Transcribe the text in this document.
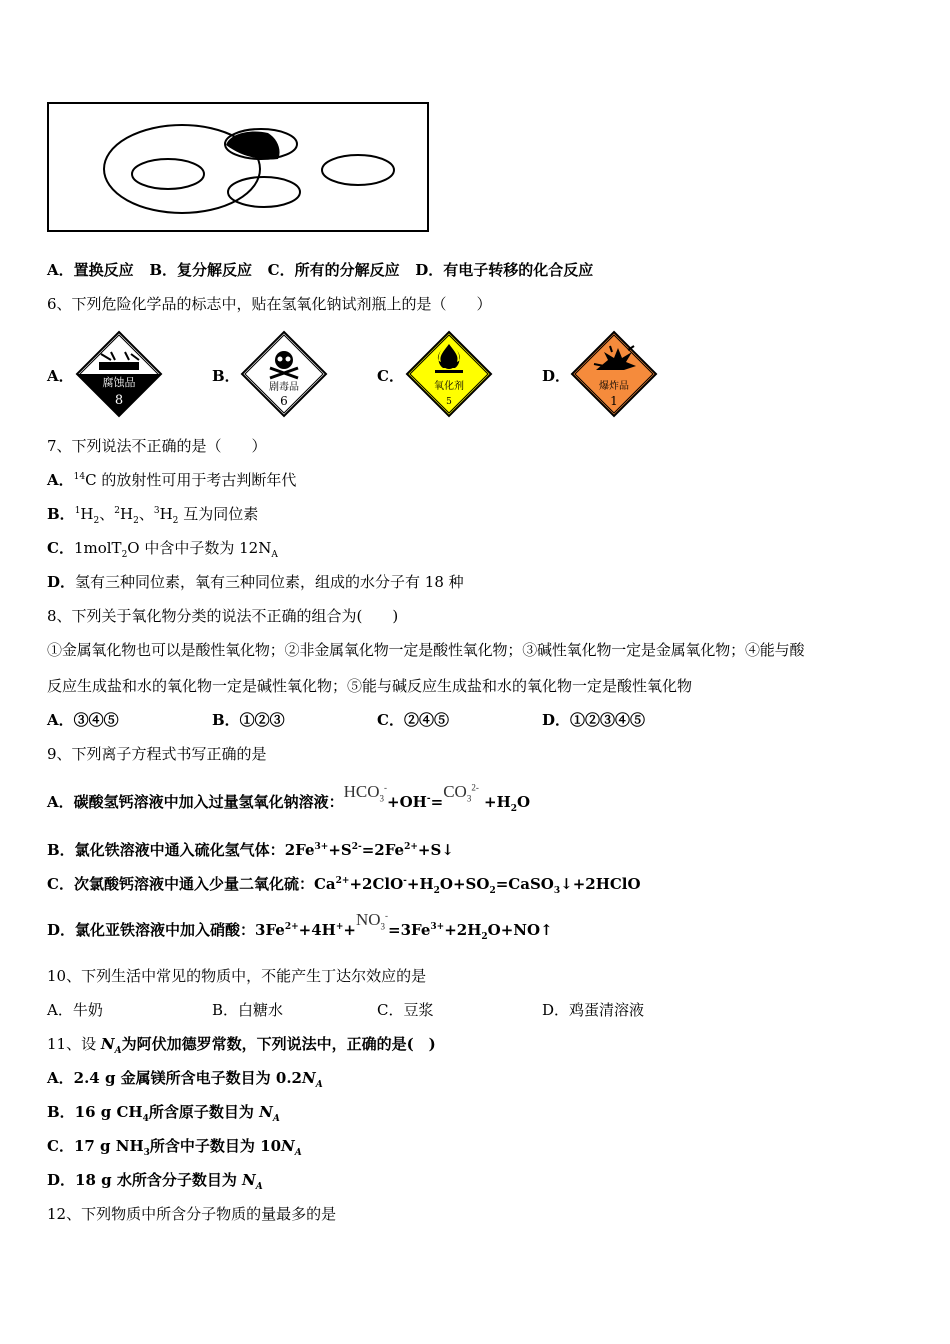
A．置换反应 B．复分解反应 C．所有的分解反应 D．有电子转移的化合反应
6、下列危险化学品的标志中，贴在氢氧化钠试剂瓶上的是（　　）
A．	B．	C．	D．
腐蚀品
8
剧毒品
6
氧化剂
5
爆炸品
1
7、下列说法不正确的是（　　）
A．$^{14}$C 的放射性可用于考古判断年代
B．$^1H_2$、$^2H_2$、$^3H_2$ 互为同位素
C．1molT$_2$O 中含中子数为 $12N_A$
D．氢有三种同位素，氧有三种同位素，组成的水分子有 18 种
8、下列关于氧化物分类的说法不正确的组合为(　　)
①金属氧化物也可以是酸性氧化物；②非金属氧化物一定是酸性氧化物；③碱性氧化物一定是金属氧化物；④能与酸
反应生成盐和水的氧化物一定是碱性氧化物；⑤能与碱反应生成盐和水的氧化物一定是酸性氧化物
A．③④⑤	B．①②③	C．②④⑤	D．①②③④⑤
9、下列离子方程式书写正确的是
A．碳酸氢钙溶液中加入过量氢氧化钠溶液：$HCO_3^-+OH^-=CO_3^{2-} +H_2O$
B．氯化铁溶液中通入硫化氢气体：$2Fe^{3+}+S^{2-}=2Fe^{2+}+S↓$
C．次氯酸钙溶液中通入少量二氧化硫：$Ca^{2+}+2ClO^-+H_2O+SO_2=CaSO_3↓+2HClO$
D．氯化亚铁溶液中加入硝酸：$3Fe^{2+}+4H^++NO_3^-=3Fe^{3+}+2H_2O+NO↑$
10、下列生活中常见的物质中，不能产生丁达尔效应的是
A．牛奶	B．白糖水	C．豆浆	D．鸡蛋清溶液
11、设 $N_A$为阿伏加德罗常数，下列说法中，正确的是(　)
A．2.4 g 金属镁所含电子数目为 $0.2N_A$
B．16 g $CH_4$所含原子数目为 $N_A$
C．17 g $NH_3$所含中子数目为 $10N_A$
D．18 g 水所含分子数目为 $N_A$
12、下列物质中所含分子物质的量最多的是
